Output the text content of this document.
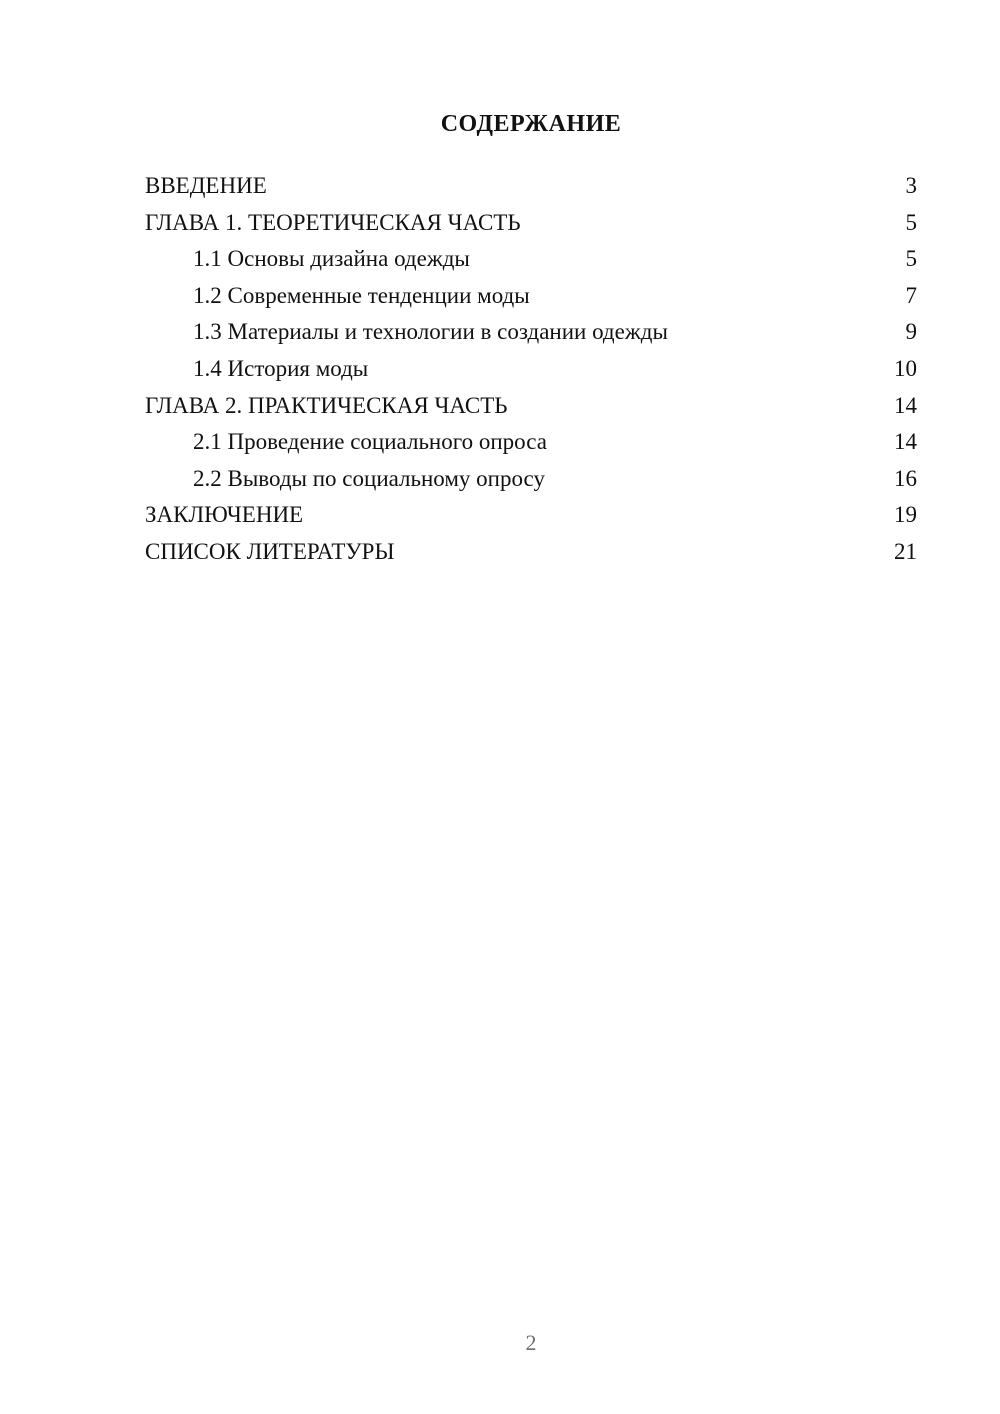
СОДЕРЖАНИЕ
ВВЕДЕНИЕ	3
ГЛАВА 1. ТЕОРЕТИЧЕСКАЯ ЧАСТЬ	5
1.1 Основы дизайна одежды	5
1.2 Современные тенденции моды	7
1.3 Материалы и технологии в создании одежды	9
1.4 История моды	10
ГЛАВА 2. ПРАКТИЧЕСКАЯ ЧАСТЬ	14
2.1 Проведение социального опроса	14
2.2 Выводы по социальному опросу	16
ЗАКЛЮЧЕНИЕ	19
СПИСОК ЛИТЕРАТУРЫ	21
2
